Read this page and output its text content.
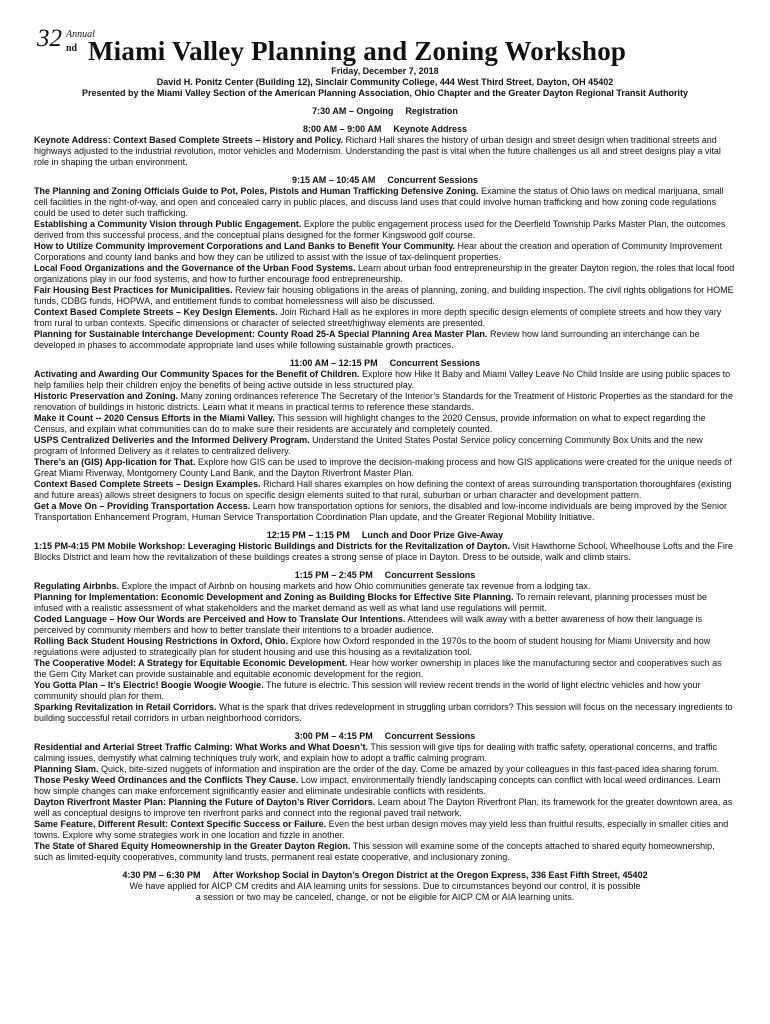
32 Annual
nd Miami Valley Planning and Zoning Workshop
Friday, December 7, 2018
David H. Ponitz Center (Building 12), Sinclair Community College, 444 West Third Street, Dayton, OH 45402
Presented by the Miami Valley Section of the American Planning Association, Ohio Chapter and the Greater Dayton Regional Transit Authority
7:30 AM – Ongoing Registration
8:00 AM – 9:00 AM Keynote Address
Keynote Address: Context Based Complete Streets – History and Policy. Richard Hall shares the history of urban design and street design when traditional streets and highways adjusted to the industrial revolution, motor vehicles and Modernism. Understanding the past is vital when the future challenges us all and street designs play a vital role in shaping the urban environment.
9:15 AM – 10:45 AM Concurrent Sessions
The Planning and Zoning Officials Guide to Pot, Poles, Pistols and Human Trafficking Defensive Zoning. Examine the status of Ohio laws on medical marijuana, small cell facilities in the right-of-way, and open and concealed carry in public places, and discuss land uses that could involve human trafficking and how zoning code regulations could be used to deter such trafficking.
Establishing a Community Vision through Public Engagement. Explore the public engagement process used for the Deerfield Township Parks Master Plan, the outcomes derived from this successful process, and the conceptual plans designed for the former Kingswood golf course.
How to Utilize Community Improvement Corporations and Land Banks to Benefit Your Community. Hear about the creation and operation of Community Improvement Corporations and county land banks and how they can be utilized to assist with the issue of tax-delinquent properties.
Local Food Organizations and the Governance of the Urban Food Systems. Learn about urban food entrepreneurship in the greater Dayton region, the roles that local food organizations play in our food systems, and how to further encourage food entrepreneurship.
Fair Housing Best Practices for Municipalities. Review fair housing obligations in the areas of planning, zoning, and building inspection. The civil rights obligations for HOME funds, CDBG funds, HOPWA, and entitlement funds to combat homelessness will also be discussed.
Context Based Complete Streets – Key Design Elements. Join Richard Hall as he explores in more depth specific design elements of complete streets and how they vary from rural to urban contexts. Specific dimensions or character of selected street/highway elements are presented.
Planning for Sustainable Interchange Development: County Road 25-A Special Planning Area Master Plan. Review how land surrounding an interchange can be developed in phases to accommodate appropriate land uses while following sustainable growth practices.
11:00 AM – 12:15 PM Concurrent Sessions
Activating and Awarding Our Community Spaces for the Benefit of Children. Explore how Hike It Baby and Miami Valley Leave No Child Inside are using public spaces to help families help their children enjoy the benefits of being active outside in less structured play.
Historic Preservation and Zoning. Many zoning ordinances reference The Secretary of the Interior’s Standards for the Treatment of Historic Properties as the standard for the renovation of buildings in historic districts. Learn what it means in practical terms to reference these standards.
Make it Count -- 2020 Census Efforts in the Miami Valley. This session will highlight changes to the 2020 Census, provide information on what to expect regarding the Census, and explain what communities can do to make sure their residents are accurately and completely counted.
USPS Centralized Deliveries and the Informed Delivery Program. Understand the United States Postal Service policy concerning Community Box Units and the new program of Informed Delivery as it relates to centralized delivery.
There’s an (GIS) App-lication for That. Explore how GIS can be used to improve the decision-making process and how GIS applications were created for the unique needs of Great Miami Riverway, Montgomery County Land Bank, and the Dayton Riverfront Master Plan.
Context Based Complete Streets – Design Examples. Richard Hall shares examples on how defining the context of areas surrounding transportation thoroughfares (existing and future areas) allows street designers to focus on specific design elements suited to that rural, suburban or urban character and development pattern.
Get a Move On – Providing Transportation Access. Learn how transportation options for seniors, the disabled and low-income individuals are being improved by the Senior Transportation Enhancement Program, Human Service Transportation Coordination Plan update, and the Greater Regional Mobility Initiative.
12:15 PM – 1:15 PM Lunch and Door Prize Give-Away
1:15 PM-4:15 PM Mobile Workshop: Leveraging Historic Buildings and Districts for the Revitalization of Dayton. Visit Hawthorne School, Wheelhouse Lofts and the Fire Blocks District and learn how the revitalization of these buildings creates a strong sense of place in Dayton. Dress to be outside, walk and climb stairs.
1:15 PM – 2:45 PM Concurrent Sessions
Regulating Airbnbs. Explore the impact of Airbnb on housing markets and how Ohio communities generate tax revenue from a lodging tax.
Planning for Implementation: Economic Development and Zoning as Building Blocks for Effective Site Planning. To remain relevant, planning processes must be infused with a realistic assessment of what stakeholders and the market demand as well as what land use regulations will permit.
Coded Language – How Our Words are Perceived and How to Translate Our Intentions. Attendees will walk away with a better awareness of how their language is perceived by community members and how to better translate their intentions to a broader audience.
Rolling Back Student Housing Restrictions in Oxford, Ohio. Explore how Oxford responded in the 1970s to the boom of student housing for Miami University and how regulations were adjusted to strategically plan for student housing and use this housing as a revitalization tool.
The Cooperative Model: A Strategy for Equitable Economic Development. Hear how worker ownership in places like the manufacturing sector and cooperatives such as the Gem City Market can provide sustainable and equitable economic development for the region.
You Gotta Plan – It’s Electric! Boogie Woogie Woogie. The future is electric. This session will review recent trends in the world of light electric vehicles and how your community should plan for them.
Sparking Revitalization in Retail Corridors. What is the spark that drives redevelopment in struggling urban corridors? This session will focus on the necessary ingredients to building successful retail corridors in urban neighborhood corridors.
3:00 PM – 4:15 PM Concurrent Sessions
Residential and Arterial Street Traffic Calming: What Works and What Doesn’t. This session will give tips for dealing with traffic safety, operational concerns, and traffic calming issues, demystify what calming techniques truly work, and explain how to adopt a traffic calming program.
Planning Slam. Quick, bite-sized nuggets of information and inspiration are the order of the day. Come be amazed by your colleagues in this fast-paced idea sharing forum.
Those Pesky Weed Ordinances and the Conflicts They Cause. Low impact, environmentally friendly landscaping concepts can conflict with local weed ordinances. Learn how simple changes can make enforcement significantly easier and eliminate undesirable conflicts with residents.
Dayton Riverfront Master Plan: Planning the Future of Dayton’s River Corridors. Learn about The Dayton Riverfront Plan, its framework for the greater downtown area, as well as conceptual designs to improve ten riverfront parks and connect into the regional paved trail network.
Same Feature, Different Result: Context Specific Success or Failure. Even the best urban design moves may yield less than fruitful results, especially in smaller cities and towns. Explore why some strategies work in one location and fizzle in another.
The State of Shared Equity Homeownership in the Greater Dayton Region. This session will examine some of the concepts attached to shared equity homeownership, such as limited-equity cooperatives, community land trusts, permanent real estate cooperative, and inclusionary zoning.
4:30 PM – 6:30 PM After Workshop Social in Dayton’s Oregon District at the Oregon Express, 336 East Fifth Street, 45402
We have applied for AICP CM credits and AIA learning units for sessions. Due to circumstances beyond our control, it is possible
a session or two may be canceled, change, or not be eligible for AICP CM or AIA learning units.
